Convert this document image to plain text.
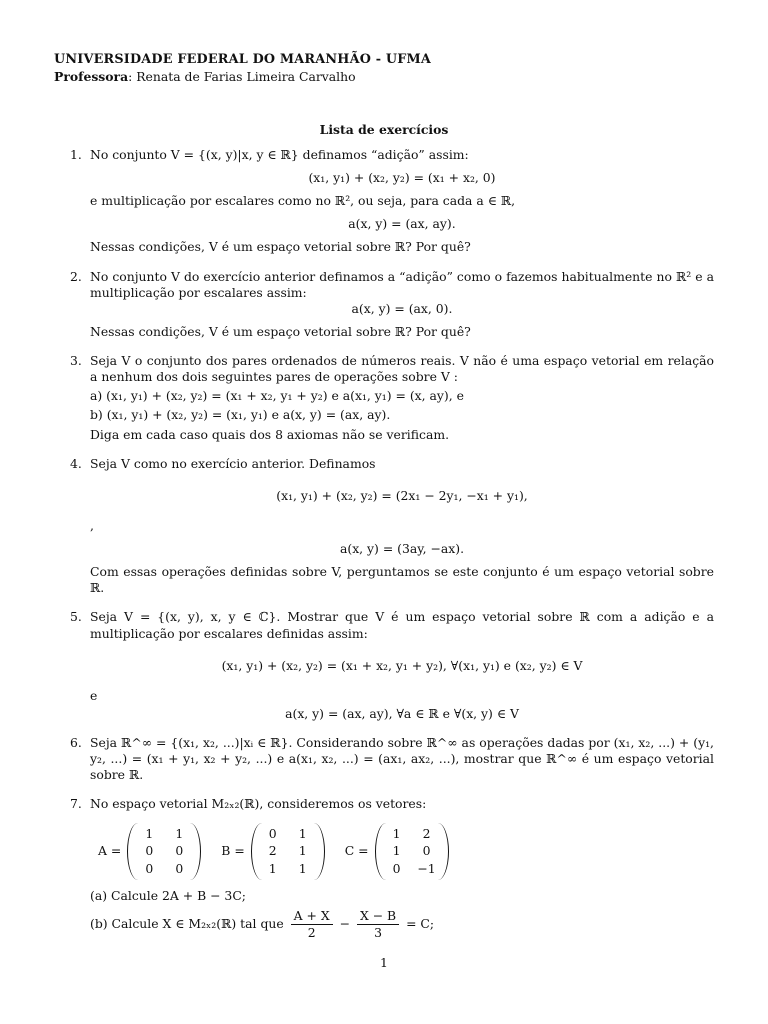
UNIVERSIDADE FEDERAL DO MARANHÃO - UFMA
Professora: Renata de Farias Limeira Carvalho
Lista de exercícios
1. No conjunto V = {(x, y)|x, y ∈ ℝ} definamos “adição” assim:
(x₁, y₁) + (x₂, y₂) = (x₁ + x₂, 0)
e multiplicação por escalares como no ℝ², ou seja, para cada a ∈ ℝ,
a(x, y) = (ax, ay).
Nessas condições, V é um espaço vetorial sobre ℝ? Por quê?
2. No conjunto V do exercício anterior definamos a “adição” como o fazemos habitualmente no ℝ² e a multiplicação por escalares assim:
a(x, y) = (ax, 0).
Nessas condições, V é um espaço vetorial sobre ℝ? Por quê?
3. Seja V o conjunto dos pares ordenados de números reais. V não é uma espaço vetorial em relação a nenhum dos dois seguintes pares de operações sobre V :
a) (x₁, y₁) + (x₂, y₂) = (x₁ + x₂, y₁ + y₂) e a(x₁, y₁) = (x, ay), e
b) (x₁, y₁) + (x₂, y₂) = (x₁, y₁) e a(x, y) = (ax, ay).
Diga em cada caso quais dos 8 axiomas não se verificam.
4. Seja V como no exercício anterior. Definamos
(x₁, y₁) + (x₂, y₂) = (2x₁ − 2y₁, −x₁ + y₁),
,
a(x, y) = (3ay, −ax).
Com essas operações definidas sobre V, perguntamos se este conjunto é um espaço vetorial sobre ℝ.
5. Seja V = {(x, y), x, y ∈ ℂ}. Mostrar que V é um espaço vetorial sobre ℝ com a adição e a multiplicação por escalares definidas assim:
(x₁, y₁) + (x₂, y₂) = (x₁ + x₂, y₁ + y₂), ∀(x₁, y₁) e (x₂, y₂) ∈ V
e
a(x, y) = (ax, ay), ∀a ∈ ℝ e ∀(x, y) ∈ V
6. Seja ℝ^∞ = {(x₁, x₂, ...)|xᵢ ∈ ℝ}. Considerando sobre ℝ^∞ as operações dadas por (x₁, x₂, ...) + (y₁, y₂, ...) = (x₁ + y₁, x₂ + y₂, ...) e a(x₁, x₂, ...) = (ax₁, ax₂, ...), mostrar que ℝ^∞ é um espaço vetorial sobre ℝ.
7. No espaço vetorial M₂ₓ₂(ℝ), consideremos os vetores:
A =
1	1
0	0
0	0
B =
0	1
2	1
1	1
C =
1	2
1	0
0	−1
(a) Calcule 2A + B − 3C;
(b) Calcule X ∈ M₂ₓ₂(ℝ) tal que $\frac{A + X}{2} - \frac{X - B}{3} = C$;
1
